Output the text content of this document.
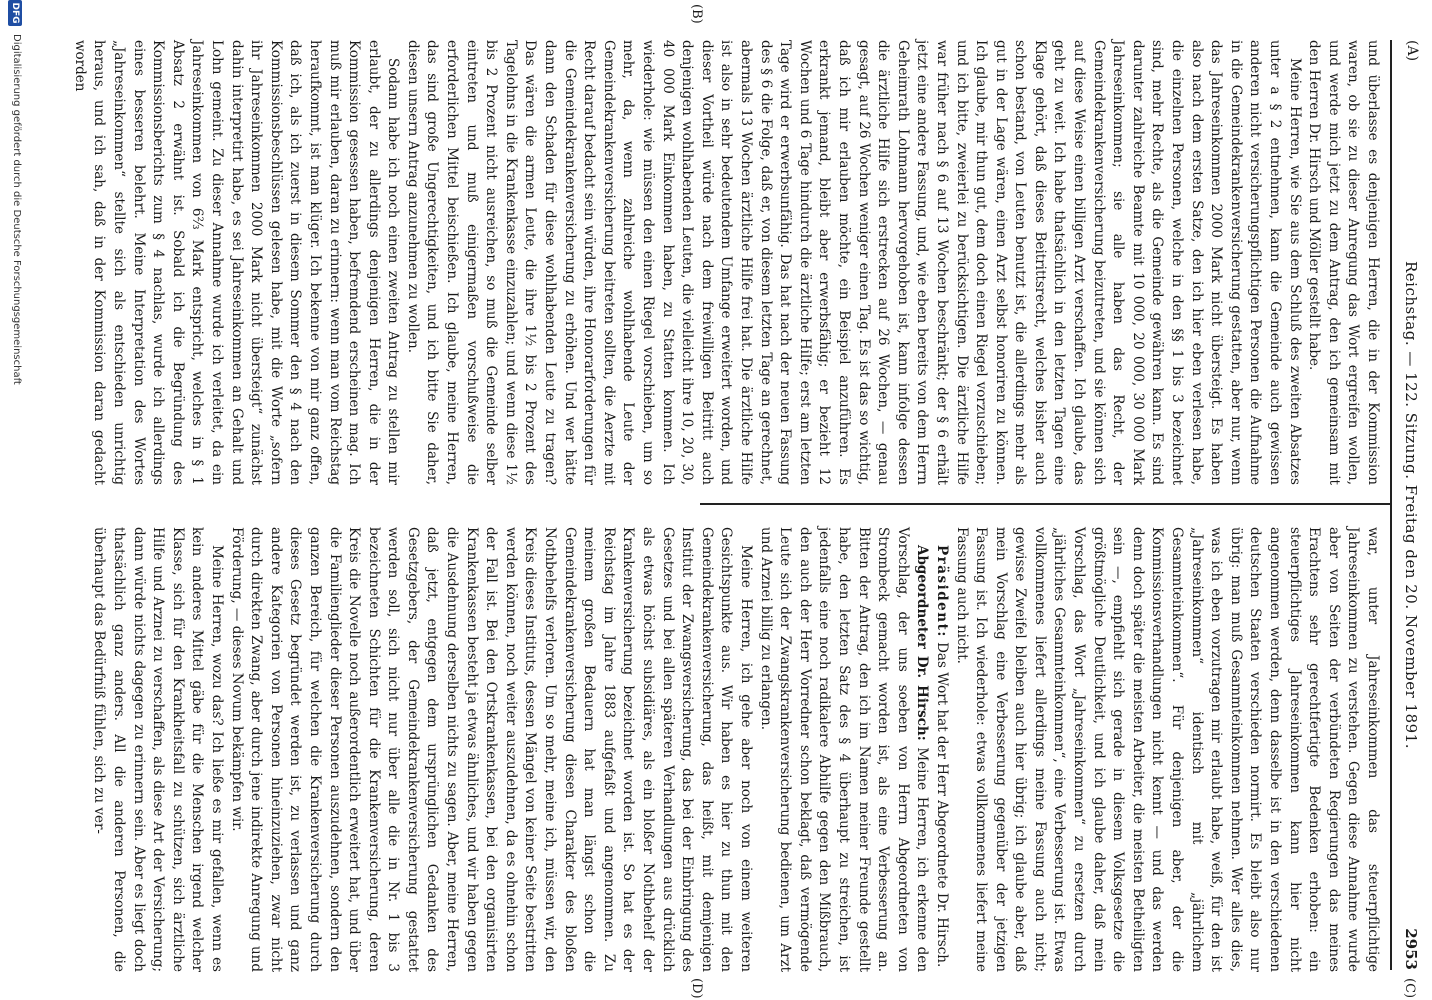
(A)
Reichstag. — 122. Sitzung. Freitag den 20. November 1891.
2953
(C)
(B)
(D)

und überlasse es denjenigen Herren, die in der Kommission waren, ob sie zu dieser Anregung das Wort ergreifen wollen, und werde mich jetzt zu dem Antrag, den ich gemeinsam mit den Herren Dr. Hirsch und Möller gestellt habe.

Meine Herren, wie Sie aus dem Schluß des zweiten Absatzes unter a § 2 entnehmen, kann die Gemeinde auch gewissen anderen nicht versicherungspflichtigen Personen die Aufnahme in die Gemeindekrankenversicherung gestatten, aber nur, wenn das Jahreseinkommen 2000 Mark nicht übersteigt. Es haben also nach dem ersten Satze, den ich hier eben verlesen habe, die einzelnen Personen, welche in den §§ 1 bis 3 bezeichnet sind, mehr Rechte, als die Gemeinde gewähren kann. Es sind darunter zahlreiche Beamte mit 10 000, 20 000, 30 000 Mark Jahreseinkommen; sie alle haben das Recht, der Gemeindekrankenversicherung beizutreten, und sie können sich auf diese Weise einen billigen Arzt verschaffen. Ich glaube, das geht zu weit. Ich habe thatsächlich in den letzten Tagen eine Klage gehört, daß dieses Beitrittsrecht, welches bisher auch schon bestand, von Leuten benutzt ist, die allerdings mehr als gut in der Lage wären, einen Arzt selbst honoriren zu können. Ich glaube, mir thun gut, dem doch einen Riegel vorzuschieben; und ich bitte, zweierlei zu berücksichtigen. Die ärztliche Hilfe war früher nach § 6 auf 13 Wochen beschränkt; der § 6 erhält jetzt eine andere Fassung, und, wie eben bereits von dem Herrn Geheimrath Lohmann hervorgehoben ist, kann infolge dessen die ärztliche Hilfe sich erstrecken auf 26 Wochen, — genau gesagt, auf 26 Wochen weniger einen Tag. Es ist das so wichtig, daß ich mir erlauben möchte, ein Beispiel anzuführen. Es erkrankt jemand, bleibt aber erwerbsfähig; er bezieht 12 Wochen und 6 Tage hindurch die ärztliche Hilfe; erst am letzten Tage wird er erwerbsunfähig. Das hat nach der neuen Fassung des § 6 die Folge, daß er, von diesem letzten Tage an gerechnet, abermals 13 Wochen ärztliche Hilfe frei hat. Die ärztliche Hilfe ist also in sehr bedeutendem Umfange erweitert worden, und dieser Vortheil würde nach dem freiwilligen Beitritt auch denjenigen wohlhabenden Leuten, die vielleicht ihre 10, 20, 30, 40 000 Mark Einkommen haben, zu Statten kommen. Ich wiederhole: wie müssen den einen Riegel vorschieben, um so mehr, da, wenn zahlreiche wohlhabende Leute der Gemeindekrankenversicherung beitreten sollten, die Aerzte mit Recht darauf bedacht sein würden, ihre Honorarforderungen für die Gemeindekrankenversicherung zu erhöhen. Und wer hätte dann den Schaden für diese wohlhabenden Leute zu tragen? Das wären die armen Leute, die ihre 1½ bis 2 Prozent des Tagelohns in die Krankenkasse einzuzahlen; und wenn diese 1½ bis 2 Prozent nicht ausreichen, so muß die Gemeinde selber eintreten und muß einigermaßen vorschußweise die erforderlichen Mittel beischießen. Ich glaube, meine Herren, das sind große Ungerechtigkeiten, und ich bitte Sie daher, diesen unsern Antrag anzunehmen zu wollen.

Sodann habe ich noch einen zweiten Antrag zu stellen mir erlaubt, der zu allerdings denjenigen Herren, die in der Kommission gesessen haben, befremdend erscheinen mag. Ich muß mir erlauben, daran zu erinnern: wenn man vom Reichstag heraufkommt, ist man klüger. Ich bekenne von mir ganz offen, daß ich, als ich zuerst in diesem Sommer den § 4 nach den Kommissionsbeschlüssen gelesen habe, mit die Worte „sofern ihr Jahreseinkommen 2000 Mark nicht übersteigt“ zunächst dahin interpretirt habe, es sei Jahreseinkommen an Gehalt und Lohn gemeint. Zu dieser Annahme wurde ich verleitet, da ein Jahreseinkommen von 6⅔ Mark entspricht, welches in § 1 Absatz 2 erwähnt ist. Sobald ich die Begründung des Kommissionsberichts zum § 4 nachlas, wurde ich allerdings eines besseren belehrt. Meine Interpretation des Wortes „Jahreseinkommen“ stellte sich als entschieden unrichtig heraus, und ich sah, daß in der Kommission daran gedacht worden

war, unter Jahreseinkommen das steuerpflichtige Jahreseinkommen zu verstehen. Gegen diese Annahme wurde aber von Seiten der verbündeten Regierungen das meines Erachtens sehr gerechtfertigte Bedenken erhoben: ein steuerpflichtiges Jahreseinkommen kann hier nicht angenommen werden, denn dasselbe ist in den verschiedenen deutschen Staaten verschieden normirt. Es bleibt also nur übrig: man muß Gesammteinkommen nehmen. Wer alles dies, was ich eben vorzutragen mir erlaubt habe, weiß, für den ist „Jahreseinkommen“ identisch mit „jährlichem Gesammteinkommen“. Für denjenigen aber, der die Kommissionsverhandlungen nicht kennt — und das werden denn doch später die meisten Arbeiter, die meisten Betheiligten sein —, empfiehlt sich gerade in diesem Volksgesetze die größtmögliche Deutlichkeit, und ich glaube daher, daß mein Vorschlag, das Wort „Jahreseinkommen“ zu ersetzen durch „jährliches Gesammteinkommen“, eine Verbesserung ist. Etwas vollkommenes liefert allerdings meine Fassung auch nicht; gewisse Zweifel bleiben auch hier übrig; ich glaube aber, daß mein Vorschlag eine Verbesserung gegenüber der jetzigen Fassung ist. Ich wiederhole: etwas vollkommenes liefert meine Fassung auch nicht.

Präsident: Das Wort hat der Herr Abgeordnete Dr. Hirsch.

Abgeordneter Dr. Hirsch: Meine Herren, ich erkenne den Vorschlag, der uns soeben von Herrn Abgeordneten von Strombeck gemacht worden ist, als eine Verbesserung an. Bitten der Antrag, den ich im Namen meiner Freunde gestellt habe, den letzten Satz des § 4 überhaupt zu streichen, ist jedenfalls eine noch radikalere Abhilfe gegen den Mißbrauch, den auch der Herr Vorredner schon beklagt, daß vermögende Leute sich der Zwangskrankenversicherung bedienen, um Arzt und Arznei billig zu erlangen.

Meine Herren, ich gehe aber noch von einem weiteren Gesichtspunkte aus. Wir haben es hier zu thun mit den Gemeindekrankenversicherung, das heißt, mit demjenigen Institut der Zwangsversicherung, das bei der Einbringung des Gesetzes und bei allen späteren Verhandlungen aus drücklich als etwas höchst subsidiäres, als ein bloßer Nothbehelf der Krankenversicherung bezeichnet worden ist. So hat es der Reichstag im Jahre 1883 aufgefaßt und angenommen. Zu meinem großen Bedauern hat man längst schon die Gemeindekrankenversicherung diesen Charakter des bloßen Nothbehelfs verloren. Um so mehr, meine ich, müssen wir, den Kreis dieses Instituts, dessen Mängel von keiner Seite bestritten werden können, noch weiter auszudehnen, da es ohnehin schon der Fall ist. Bei den Ortskrankenkassen, bei den organisirten Krankenkassen besteht ja etwas ähnliches, und wir haben gegen die Ausdehnung derselben nichts zu sagen. Aber, meine Herren, daß jetzt, entgegen dem ursprünglichen Gedanken des Gesetzgebers, der Gemeindekrankenversicherung gestattet werden soll, sich nicht nur über alle die in Nr. 1 bis 3 bezeichneten Schichten für die Krankenversicherung, deren Kreis die Novelle noch außerordentlich erweitert hat, und über die Familienglieder dieser Personen auszudehnen, sondern den ganzen Bereich, für welchen die Krankenversicherung durch dieses Gesetz begründet werden ist, zu verlassen und ganz andere Kategorien von Personen hineinzuziehen, zwar nicht durch direkten Zwang, aber durch jene indirekte Anregung und Förderung, — dieses Novum bekämpfen wir.

Meine Herren, wozu das? Ich ließe es mir gefallen, wenn es kein anderes Mittel gäbe für die Menschen irgend welcher Klasse, sich für den Krankheitsfall zu schützen, sich ärztliche Hilfe und Arznei zu verschaffen, als diese Art der Versicherung; dann würde nichts dagegen zu erinnern sein. Aber es liegt doch thatsächlich ganz anders. All die anderen Personen, die überhaupt das Bedürfniß fühlen, sich zu ver-

DFG
Digitalisierung gefördert durch die Deutsche Forschungsgemeinschaft
